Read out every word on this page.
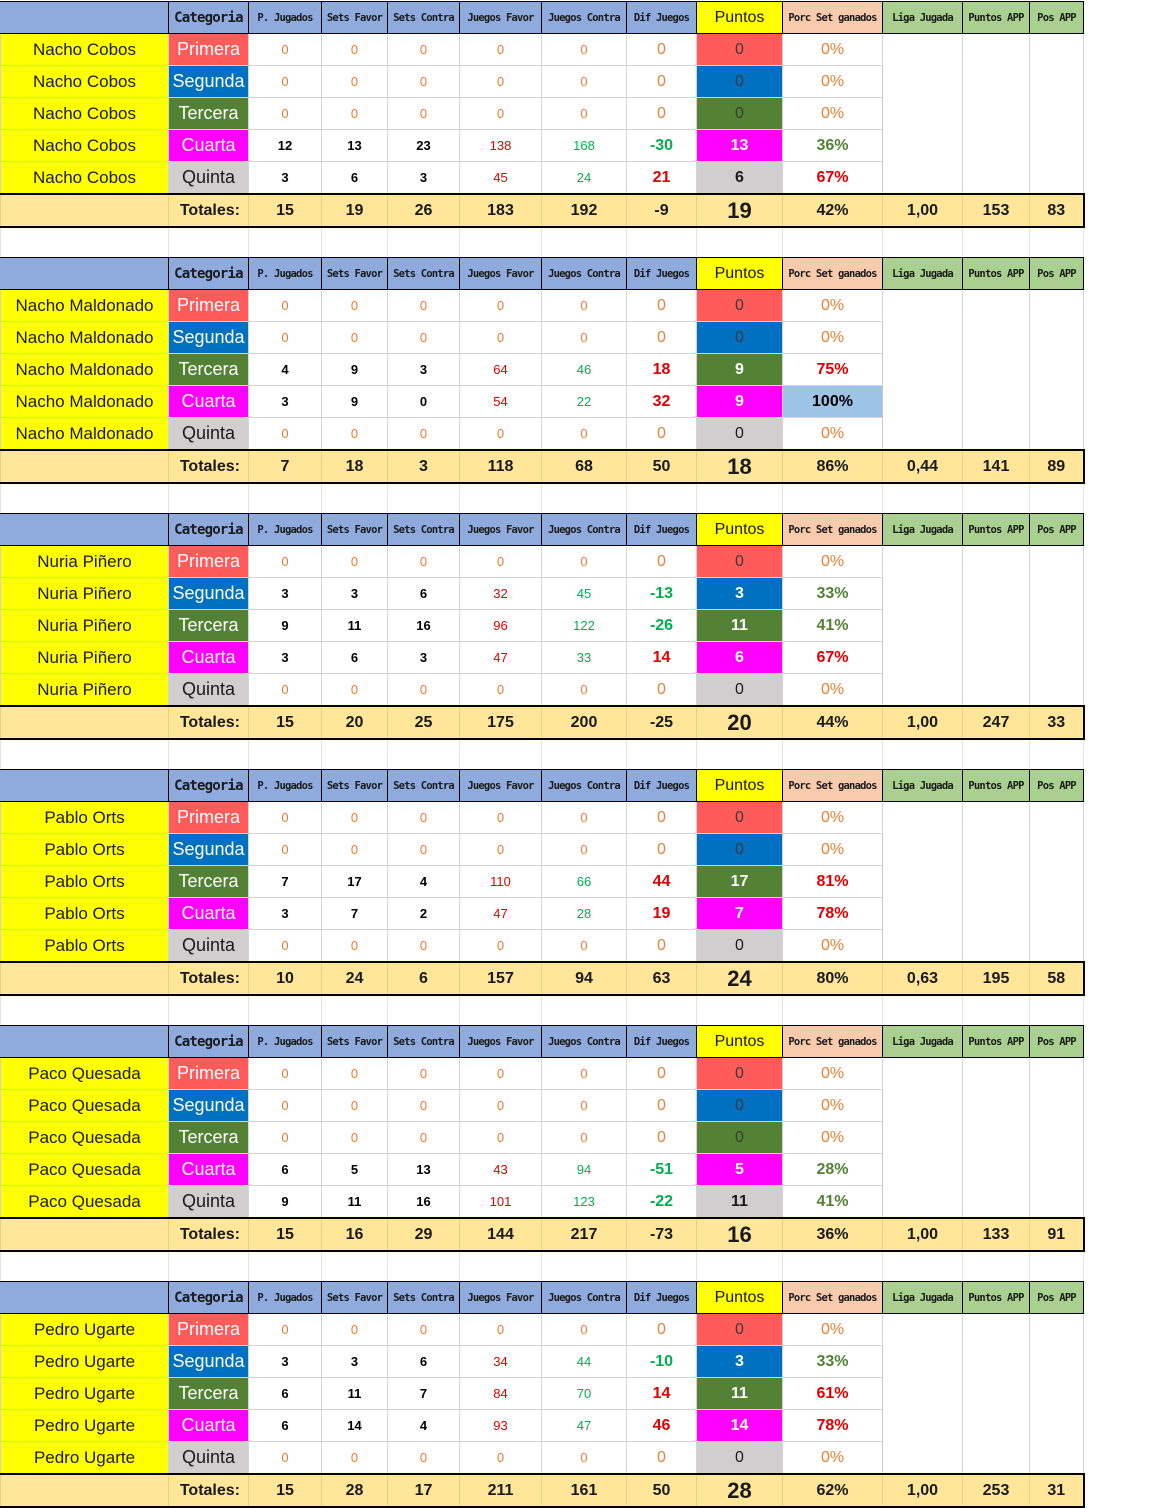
	Categoria	P. Jugados	Sets Favor	Sets Contra	Juegos Favor	Juegos Contra	Dif Juegos	Puntos	Porc Set ganados	Liga Jugada	Puntos APP	Pos APP
Nacho Cobos	Primera	0	0	0	0	0	0	0	0%			
Nacho Cobos	Segunda	0	0	0	0	0	0	0	0%			
Nacho Cobos	Tercera	0	0	0	0	0	0	0	0%			
Nacho Cobos	Cuarta	12	13	23	138	168	-30	13	36%			
Nacho Cobos	Quinta	3	6	3	45	24	21	6	67%			
	Totales:	15	19	26	183	192	-9	19	42%	1,00	153	83

	Categoria	P. Jugados	Sets Favor	Sets Contra	Juegos Favor	Juegos Contra	Dif Juegos	Puntos	Porc Set ganados	Liga Jugada	Puntos APP	Pos APP
Nacho Maldonado	Primera	0	0	0	0	0	0	0	0%			
Nacho Maldonado	Segunda	0	0	0	0	0	0	0	0%			
Nacho Maldonado	Tercera	4	9	3	64	46	18	9	75%			
Nacho Maldonado	Cuarta	3	9	0	54	22	32	9	100%			
Nacho Maldonado	Quinta	0	0	0	0	0	0	0	0%			
	Totales:	7	18	3	118	68	50	18	86%	0,44	141	89

	Categoria	P. Jugados	Sets Favor	Sets Contra	Juegos Favor	Juegos Contra	Dif Juegos	Puntos	Porc Set ganados	Liga Jugada	Puntos APP	Pos APP
Nuria Piñero	Primera	0	0	0	0	0	0	0	0%			
Nuria Piñero	Segunda	3	3	6	32	45	-13	3	33%			
Nuria Piñero	Tercera	9	11	16	96	122	-26	11	41%			
Nuria Piñero	Cuarta	3	6	3	47	33	14	6	67%			
Nuria Piñero	Quinta	0	0	0	0	0	0	0	0%			
	Totales:	15	20	25	175	200	-25	20	44%	1,00	247	33

	Categoria	P. Jugados	Sets Favor	Sets Contra	Juegos Favor	Juegos Contra	Dif Juegos	Puntos	Porc Set ganados	Liga Jugada	Puntos APP	Pos APP
Pablo Orts	Primera	0	0	0	0	0	0	0	0%			
Pablo Orts	Segunda	0	0	0	0	0	0	0	0%			
Pablo Orts	Tercera	7	17	4	110	66	44	17	81%			
Pablo Orts	Cuarta	3	7	2	47	28	19	7	78%			
Pablo Orts	Quinta	0	0	0	0	0	0	0	0%			
	Totales:	10	24	6	157	94	63	24	80%	0,63	195	58

	Categoria	P. Jugados	Sets Favor	Sets Contra	Juegos Favor	Juegos Contra	Dif Juegos	Puntos	Porc Set ganados	Liga Jugada	Puntos APP	Pos APP
Paco Quesada	Primera	0	0	0	0	0	0	0	0%			
Paco Quesada	Segunda	0	0	0	0	0	0	0	0%			
Paco Quesada	Tercera	0	0	0	0	0	0	0	0%			
Paco Quesada	Cuarta	6	5	13	43	94	-51	5	28%			
Paco Quesada	Quinta	9	11	16	101	123	-22	11	41%			
	Totales:	15	16	29	144	217	-73	16	36%	1,00	133	91

	Categoria	P. Jugados	Sets Favor	Sets Contra	Juegos Favor	Juegos Contra	Dif Juegos	Puntos	Porc Set ganados	Liga Jugada	Puntos APP	Pos APP
Pedro Ugarte	Primera	0	0	0	0	0	0	0	0%			
Pedro Ugarte	Segunda	3	3	6	34	44	-10	3	33%			
Pedro Ugarte	Tercera	6	11	7	84	70	14	11	61%			
Pedro Ugarte	Cuarta	6	14	4	93	47	46	14	78%			
Pedro Ugarte	Quinta	0	0	0	0	0	0	0	0%			
	Totales:	15	28	17	211	161	50	28	62%	1,00	253	31
